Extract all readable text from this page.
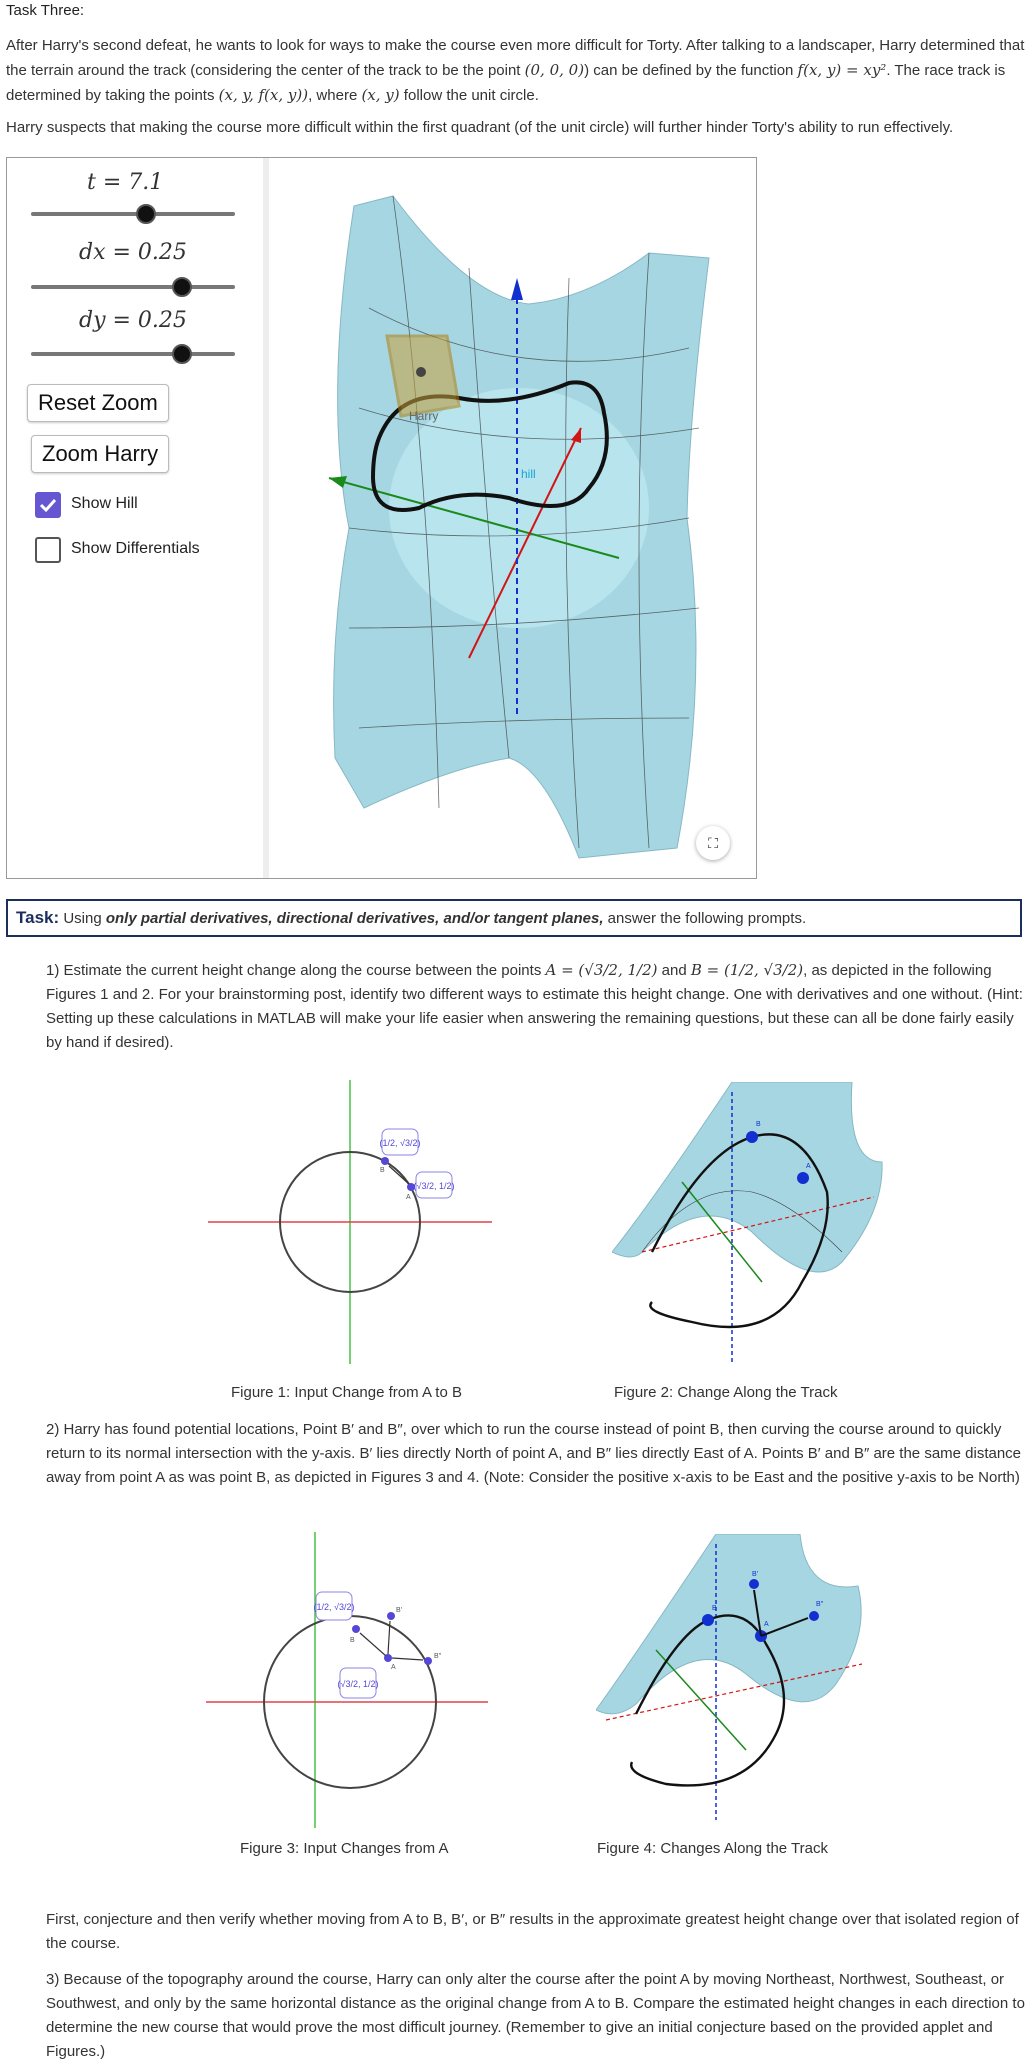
Task Three:

After Harry's second defeat, he wants to look for ways to make the course even more difficult for Torty. After talking to a landscaper, Harry determined that the terrain around the track (considering the center of the track to be the point (0, 0, 0)) can be defined by the function f(x, y) = xy². The race track is determined by taking the points (x, y, f(x, y)), where (x, y) follow the unit circle.

Harry suspects that making the course more difficult within the first quadrant (of the unit circle) will further hinder Torty's ability to run effectively.

t = 7.1
dx = 0.25
dy = 0.25
Reset Zoom
Zoom Harry
Show Hill
Show Differentials
Harry
hill
⛶
Task: Using only partial derivatives, directional derivatives, and/or tangent planes, answer the following prompts.
1) Estimate the current height change along the course between the points A = (√3/2, 1/2) and B = (1/2, √3/2), as depicted in the following Figures 1 and 2. For your brainstorming post, identify two different ways to estimate this height change. One with derivatives and one without. (Hint: Setting up these calculations in MATLAB will make your life easier when answering the remaining questions, but these can all be done fairly easily by hand if desired).
(1/2, √3/2)
(√3/2, 1/2)
B
A
Figure 1: Input Change from A to B
B
A
Figure 2: Change Along the Track
2) Harry has found potential locations, Point B′ and B″, over which to run the course instead of point B, then curving the course around to quickly return to its normal intersection with the y-axis. B′ lies directly North of point A, and B″ lies directly East of A. Points B′ and B″ are the same distance away from point A as was point B, as depicted in Figures 3 and 4. (Note: Consider the positive x-axis to be East and the positive y-axis to be North)
(1/2, √3/2)
(√3/2, 1/2)
B
A
B′
B″
Figure 3: Input Changes from A
B
A
B′
B″
Figure 4: Changes Along the Track
First, conjecture and then verify whether moving from A to B, B′, or B″ results in the approximate greatest height change over that isolated region of the course.
3) Because of the topography around the course, Harry can only alter the course after the point A by moving Northeast, Northwest, Southeast, or Southwest, and only by the same horizontal distance as the original change from A to B. Compare the estimated height changes in each direction to determine the new course that would prove the most difficult journey. (Remember to give an initial conjecture based on the provided applet and Figures.)
